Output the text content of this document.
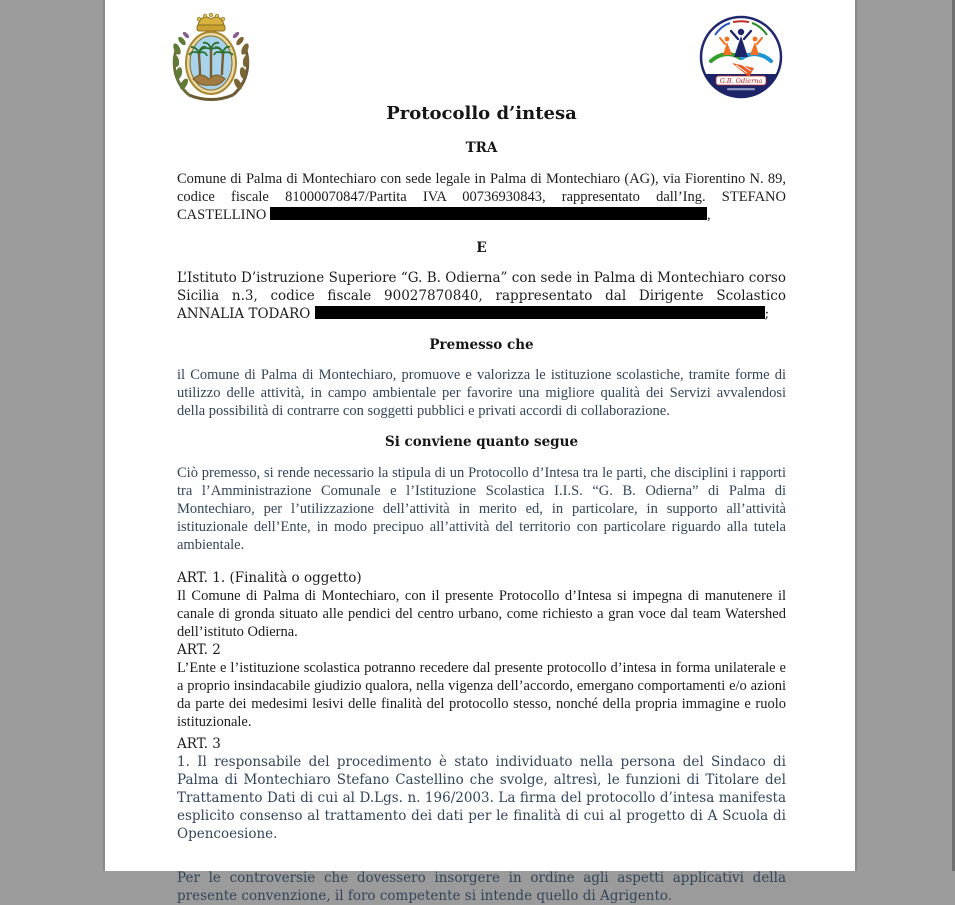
G.B. Odierna
Protocollo d’intesa
TRA

Comune di Palma di Montechiaro con sede legale in Palma di Montechiaro (AG), via Fiorentino N. 89, codice fiscale 81000070847/Partita IVA 00736930843, rappresentato dall’Ing. STEFANO CASTELLINO	,

E

L’Istituto D’istruzione Superiore “G. B. Odierna” con sede in Palma di Montechiaro corso Sicilia n.3, codice fiscale 90027870840, rappresentato dal Dirigente Scolastico ANNALIA TODARO	;

Premesso che

il Comune di Palma di Montechiaro, promuove e valorizza le istituzione scolastiche, tramite forme di utilizzo delle attività, in campo ambientale per favorire una migliore qualità dei Servizi avvalendosi della possibilità di contrarre con soggetti pubblici e privati accordi di collaborazione.

Si conviene quanto segue

Ciò premesso, si rende necessario la stipula di un Protocollo d’Intesa tra le parti, che disciplini i rapporti tra l’Amministrazione Comunale e l’Istituzione Scolastica I.I.S. “G. B. Odierna” di Palma di Montechiaro, per l’utilizzazione dell’attività in merito ed, in particolare, in supporto all’attività istituzionale dell’Ente, in modo precipuo all’attività del territorio con particolare riguardo alla tutela ambientale.

ART. 1. (Finalità o oggetto)

Il Comune di Palma di Montechiaro, con il presente Protocollo d’Intesa si impegna di manutenere il canale di gronda situato alle pendici del centro urbano, come richiesto a gran voce dal team Watershed dell’istituto Odierna.

ART. 2

L’Ente e l’istituzione scolastica potranno recedere dal presente protocollo d’intesa in forma unilaterale e a proprio insindacabile giudizio qualora, nella vigenza dell’accordo, emergano comportamenti e/o azioni da parte dei medesimi lesivi delle finalità del protocollo stesso, nonché della propria immagine e ruolo istituzionale.

ART. 3

1. Il responsabile del procedimento è stato individuato nella persona del Sindaco di Palma di Montechiaro Stefano Castellino che svolge, altresì, le funzioni di Titolare del Trattamento Dati di cui al D.Lgs. n. 196/2003. La firma del protocollo d’intesa manifesta esplicito consenso al trattamento dei dati per le finalità di cui al progetto di A Scuola di Opencoesione.

Per le controversie che dovessero insorgere in ordine agli aspetti applicativi della presente convenzione, il foro competente si intende quello di Agrigento.
